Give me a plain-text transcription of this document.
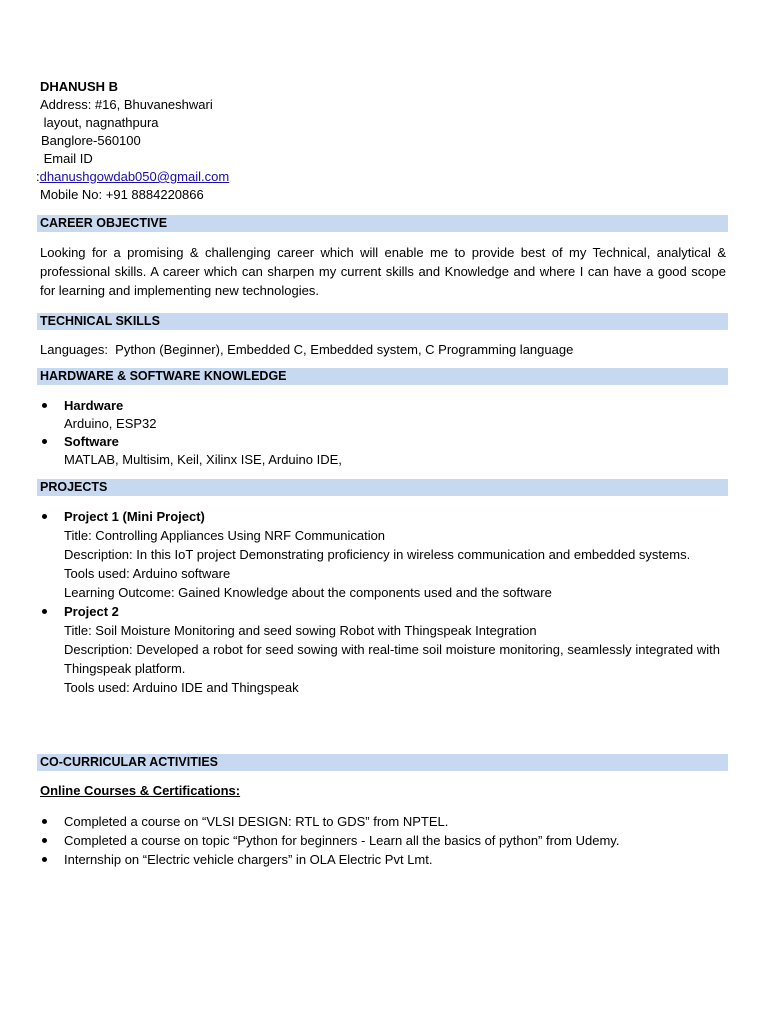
DHANUSH B
Address: #16, Bhuvaneshwari
layout, nagnathpura
Banglore-560100
Email ID
:dhanushgowdab050@gmail.com
Mobile No: +91 8884220866
CAREER OBJECTIVE
Looking for a promising & challenging career which will enable me to provide best of my Technical, analytical & professional skills. A career which can sharpen my current skills and Knowledge and where I can have a good scope for learning and implementing new technologies.
TECHNICAL SKILLS
Languages:  Python (Beginner), Embedded C, Embedded system, C Programming language
HARDWARE & SOFTWARE KNOWLEDGE
Hardware
Arduino, ESP32
Software
MATLAB, Multisim, Keil, Xilinx ISE, Arduino IDE,
PROJECTS
Project 1 (Mini Project)
Title: Controlling Appliances Using NRF Communication
Description: In this IoT project Demonstrating proficiency in wireless communication and embedded systems.
Tools used: Arduino software
Learning Outcome: Gained Knowledge about the components used and the software
Project 2
Title: Soil Moisture Monitoring and seed sowing Robot with Thingspeak Integration
Description: Developed a robot for seed sowing with real-time soil moisture monitoring, seamlessly integrated with Thingspeak platform.
Tools used: Arduino IDE and Thingspeak
CO-CURRICULAR ACTIVITIES
Online Courses & Certifications:
Completed a course on “VLSI DESIGN: RTL to GDS” from NPTEL.
Completed a course on topic “Python for beginners - Learn all the basics of python” from Udemy.
Internship on “Electric vehicle chargers” in OLA Electric Pvt Lmt.
